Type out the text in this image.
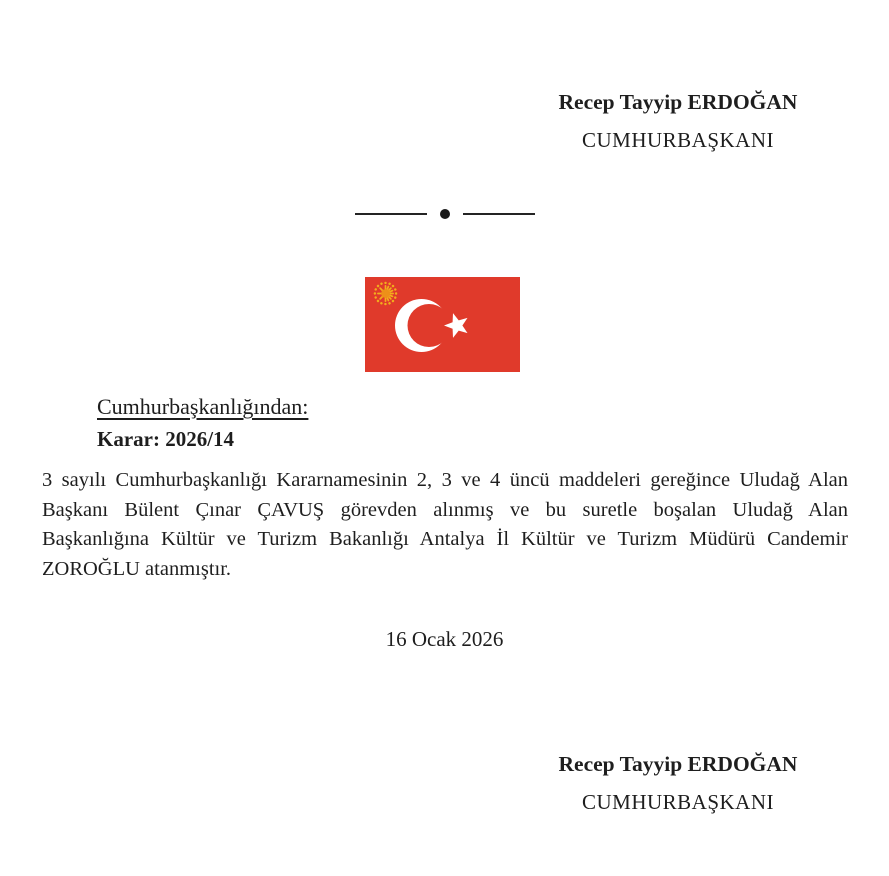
Recep Tayyip ERDOĞAN
CUMHURBAŞKANI
Cumhurbaşkanlığından:
Karar: 2026/14
3 sayılı Cumhurbaşkanlığı Kararnamesinin 2, 3 ve 4 üncü maddeleri gereğince Uludağ Alan
Başkanı Bülent Çınar ÇAVUŞ görevden alınmış ve bu suretle boşalan Uludağ Alan
Başkanlığına Kültür ve Turizm Bakanlığı Antalya İl Kültür ve Turizm Müdürü Candemir
ZOROĞLU atanmıştır.
16 Ocak 2026
Recep Tayyip ERDOĞAN
CUMHURBAŞKANI
